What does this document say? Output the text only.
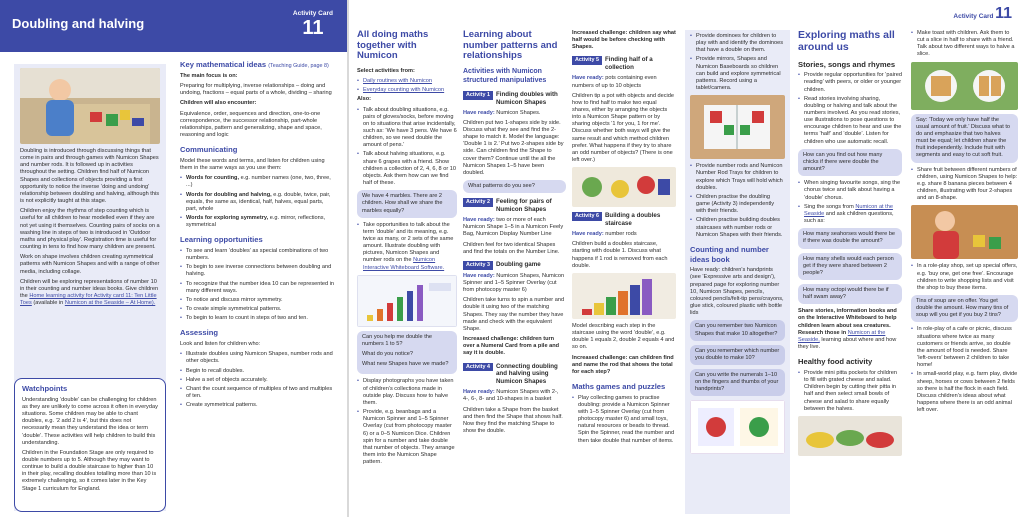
Doubling and halving
Activity Card
11

Doubling is introduced through discussing things that come in pairs and through games with Numicon Shapes and number rods. It is followed up in activities throughout the setting. Children find half of Numicon Shapes and collections of objects providing a first opportunity to notice the inverse ‘doing and undoing’ relationship between doubling and halving, although this is not explicitly taught at this stage.

Children enjoy the rhythms of step counting which is useful for all children to hear modelled even if they are not yet using it themselves. Counting pairs of socks on a washing line in steps of two is introduced in ‘Outdoor maths and physical play’. Registration time is useful for counting in tens to find how many children are present.

Work on shape involves children creating symmetrical patterns with Numicon Shapes and with a range of other media, including collage.

Children will be exploring representations of number 10 in their counting and number ideas books. Give children the Home learning activity for Activity card 11: Ten Little Toes (available in Numicon at the Seaside – At Home).

Watchpoints

Understanding ‘double’ can be challenging for children as they are unlikely to come across it often in everyday situations. Some children may be able to chant doubles, e.g. ‘2 add 2 is 4’, but this does not necessarily mean they understand the idea or term ‘double’. These activities will help children to build this understanding.

Children in the Foundation Stage are only required to double numbers up to 5. Although they may want to continue to build a double staircase to higher than 10 in their play, recalling doubles totalling more than 10 is extremely challenging, so it comes later in the Key Stage 1 curriculum for England.

Key mathematical ideas (Teaching Guide, page 8)

The main focus is on:

Preparing for multiplying, inverse relationships – doing and undoing, fractions – equal parts of a whole, dividing – sharing

Children will also encounter:

Equivalence, order, sequences and direction, one-to-one correspondence, the successor relationship, part-whole relationships, pattern and generalizing, shape and space, reasoning and logic

Communicating

Model these words and terms, and listen for children using them in the same ways as you use them:

• Words for counting, e.g. number names (one, two, three, ...)
• Words for doubling and halving, e.g. double, twice, pair, equals, the same as, identical, half, halves, equal parts, part, whole
• Words for exploring symmetry, e.g. mirror, reflections, symmetrical
Learning opportunities
• To see and learn ‘doubles’ as special combinations of two numbers.
• To begin to see inverse connections between doubling and halving.
• To recognize that the number idea 10 can be represented in many different ways.
• To notice and discuss mirror symmetry.
• To create simple symmetrical patterns.
• To begin to learn to count in steps of two and ten.
Assessing

Look and listen for children who:

• Illustrate doubles using Numicon Shapes, number rods and other objects.
• Begin to recall doubles.
• Halve a set of objects accurately.
• Chant the count sequence of multiples of two and multiples of ten.
• Create symmetrical patterns.
Activity Card 11
All doing maths together with Numicon

Select activities from:

• Daily routines with Numicon
• Everyday counting with Numicon

Also:

• Talk about doubling situations, e.g. pairs of gloves/socks, before moving on to situations that arise incidentally, such as: ‘We have 3 pens. We have 6 children, so we need double the amount of pens.’
• Talk about halving situations, e.g. share 6 grapes with a friend. Show children a collection of 2, 4, 6, 8 or 10 objects. Ask them how can we find half of these.
We have 4 marbles. There are 2 children. How shall we share the marbles equally?
• Take opportunities to talk about the term ‘double’ and its meaning, e.g. twice as many, or 2 sets of the same amount. Illustrate doubling with pictures, Numicon Shapes and number rods on the Numicon Interactive Whiteboard Software.

Can you help me double the numbers 1 to 5?

What do you notice?

What new Shapes have we made?

• Display photographs you have taken of children’s collections made in outside play. Discuss how to halve them.
• Provide, e.g. beanbags and a Numicon Spinner and 1–5 Spinner Overlay (cut from photocopy master 6) or a 0–5 Numicon Dice. Children spin for a number and take double that number of objects. They arrange them into the Numicon Shape pattern.
Learning about number patterns and relationships
Activities with Numicon structured manipulatives
Activity 1 Finding doubles with Numicon Shapes

Have ready: Numicon Shapes.

Children put two 1-shapes side by side. Discuss what they see and find the 2-shape to match it. Model the language: ‘Double 1 is 2.’ Put two 2-shapes side by side. Can children find the Shape to cover them? Continue until the all the Numicon Shapes 1–5 have been doubled.

What patterns do you see?
Activity 2 Feeling for pairs of Numicon Shapes

Have ready: two or more of each Numicon Shape 1–5 in a Numicon Feely Bag, Numicon Display Number Line

Children feel for two identical Shapes and find the totals on the Number Line.

Activity 3 Doubling game

Have ready: Numicon Shapes, Numicon Spinner and 1–5 Spinner Overlay (cut from photocopy master 6)

Children take turns to spin a number and double it using two of the matching Shapes. They say the number they have made and check with the equivalent Shape.

Increased challenge: children turn over a Numeral Card from a pile and say it is double.

Activity 4 Connecting doubling and halving using Numicon Shapes

Have ready: Numicon Shapes with 2-, 4-, 6-, 8- and 10-shapes in a basket

Children take a Shape from the basket and then find the Shape that shows half. Now they find the matching Shape to show the double.

Increased challenge: children say what half would be before checking with Shapes.

Activity 5 Finding half of a collection

Have ready: pots containing even numbers of up to 10 objects

Children tip a pot with objects and decide how to find half to make two equal shares, either by arranging the objects into a Numicon Shape pattern or by sharing objects ‘1 for you, 1 for me’. Discuss whether both ways will give the same result and which method children prefer. What happens if they try to share an odd number of objects? (There is one left over.)

Activity 6 Building a doubles staircase

Have ready: number rods

Children build a doubles staircase, starting with double 1. Discuss what happens if 1 rod is removed from each double.

Model describing each step in the staircase using the word ‘double’, e.g. double 1 equals 2, double 2 equals 4 and so on.

Increased challenge: can children find and name the rod that shows the total for each step?

Maths games and puzzles
• Play collecting games to practise doubling: provide a Numicon Spinner with 1–5 Spinner Overlay (cut from photocopy master 6) and small toys, natural resources or beads to thread. Spin the Spinner, read the number and then take double that number of items.
• Provide dominoes for children to play with and identify the dominoes that have a double on them.
• Provide mirrors, Shapes and Numicon Baseboards so children can build and explore symmetrical patterns. Record using a tablet/camera.
• Provide number rods and Numicon Number Rod Trays for children to explore which Trays will hold which doubles.
• Children practise the doubling game (Activity 3) independently with their friends.
• Children practise building doubles staircases with number rods or Numicon Shapes with their friends.
Counting and number ideas book

Have ready: children’s handprints (see ‘Expressive arts and design’), prepared page for exploring number 10, Numicon Shapes, pencils, coloured pencils/felt-tip pens/crayons, glue stick, coloured plastic with bottle lids

Can you remember two Numicon Shapes that make 10 altogether?
Can you remember which number you double to make 10?
Can you write the numerals 1–10 on the fingers and thumbs of your handprints?
Exploring maths all around us
Stories, songs and rhymes
• Provide regular opportunities for ‘paired reading’ with peers, or older or younger children.
• Read stories involving sharing, doubling or halving and talk about the numbers involved. As you read stories, use illustrations to pose questions to encourage children to hear and use the terms ‘half’ and ‘double’. Listen for children who use automatic recall.
How can you find out how many chicks if there were double the amount?
• When singing favourite songs, sing the chorus twice and talk about having a ‘double’ chorus.
• Sing the songs from Numicon at the Seaside and ask children questions, such as:
How many seahorses would there be if there was double the amount?
How many shells would each person get if they were shared between 2 people?
How many octopi would there be if half swam away?

Share stories, information books and on the Interactive Whiteboard to help children learn about sea creatures. Research those in Numicon at the Seaside, learning about where and how they live.

Healthy food activity
• Provide mini pitta pockets for children to fill with grated cheese and salad. Children begin by cutting their pitta in half and then select small bowls of cheese and salad to share equally between the halves.
• Make toast with children. Ask them to cut a slice in half to share with a friend. Talk about two different ways to halve a slice.
Say: ‘Today we only have half the usual amount of fruit.’ Discuss what to do and emphasize that two halves must be equal; let children share the fruit independently. Include fruit with segments and easy to cut soft fruit.
• Share fruit between different numbers of children, using Numicon Shapes to help: e.g. share 8 banana pieces between 4 children, illustrating with four 2-shapes and an 8-shape.
• In a role-play shop, set up special offers, e.g. ‘buy one, get one free’. Encourage children to write shopping lists and visit the shop to buy these items.
Tins of soup are on offer. You get double the amount. How many tins of soup will you get if you buy 2 tins?
• In role-play of a cafe or picnic, discuss situations where twice as many customers or friends arrive, so double the amount of food is needed. Share ‘left-overs’ between 2 children to take home!
• In small-world play, e.g. farm play, divide sheep, horses or cows between 2 fields so there is half the flock in each field. Discuss children’s ideas about what happens where there is an odd animal left over.
